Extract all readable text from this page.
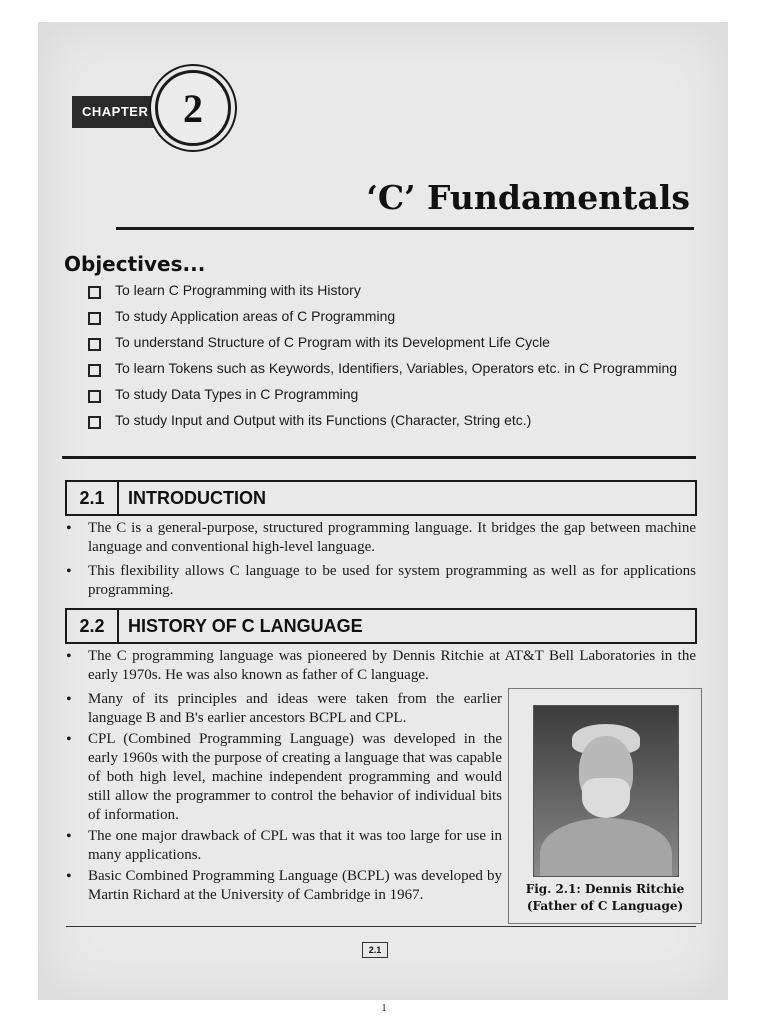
CHAPTER 2
‘C’ Fundamentals
Objectives...
To learn C Programming with its History
To study Application areas of C Programming
To understand Structure of C Program with its Development Life Cycle
To learn Tokens such as Keywords, Identifiers, Variables, Operators etc. in C Programming
To study Data Types in C Programming
To study Input and Output with its Functions (Character, String etc.)
2.1	INTRODUCTION
• The C is a general-purpose, structured programming language. It bridges the gap between machine language and conventional high-level language.
• This flexibility allows C language to be used for system programming as well as for applications programming.
2.2	HISTORY OF C LANGUAGE
• The C programming language was pioneered by Dennis Ritchie at AT&T Bell Laboratories in the early 1970s. He was also known as father of C language.
• Many of its principles and ideas were taken from the earlier language B and B's earlier ancestors BCPL and CPL.
• CPL (Combined Programming Language) was developed in the early 1960s with the purpose of creating a language that was capable of both high level, machine independent programming and would still allow the programmer to control the behavior of individual bits of information.
• The one major drawback of CPL was that it was too large for use in many applications.
• Basic Combined Programming Language (BCPL) was developed by Martin Richard at the University of Cambridge in 1967.	Fig. 2.1: Dennis Ritchie
(Father of C Language)
2.1
1
